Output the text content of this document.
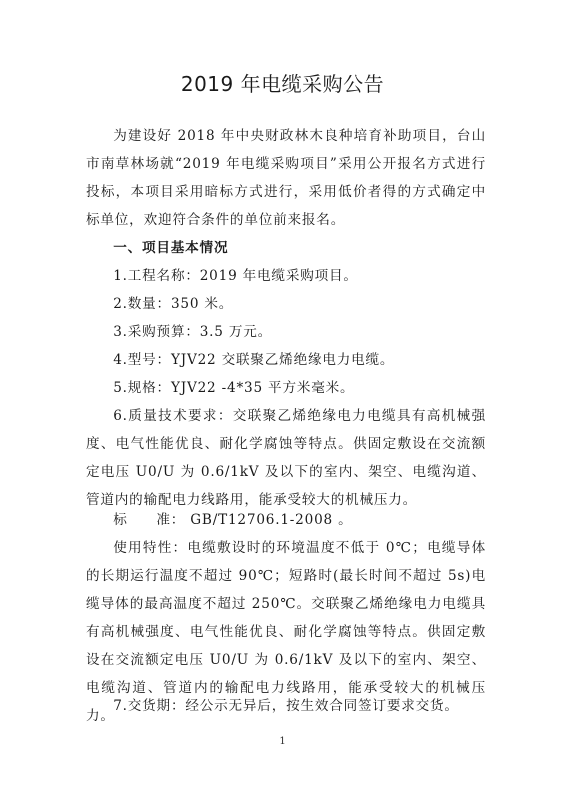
2019 年电缆采购公告

为建设好 2018 年中央财政林木良种培育补助项目，台山市南草林场就“2019 年电缆采购项目”采用公开报名方式进行投标，本项目采用暗标方式进行，采用低价者得的方式确定中标单位，欢迎符合条件的单位前来报名。

一、项目基本情况

1.工程名称：2019 年电缆采购项目。

2.数量：350 米。

3.采购预算：3.5 万元。

4.型号：YJV22 交联聚乙烯绝缘电力电缆。

5.规格：YJV22 -4*35 平方米毫米。

6.质量技术要求：交联聚乙烯绝缘电力电缆具有高机械强度、电气性能优良、耐化学腐蚀等特点。供固定敷设在交流额定电压 U0/U 为 0.6/1kV 及以下的室内、架空、电缆沟道、管道内的输配电力线路用，能承受较大的机械压力。

标　　准： GB/T12706.1-2008 。

使用特性：电缆敷设时的环境温度不低于 0℃；电缆导体的长期运行温度不超过 90℃；短路时(最长时间不超过 5s)电缆导体的最高温度不超过 250℃。交联聚乙烯绝缘电力电缆具有高机械强度、电气性能优良、耐化学腐蚀等特点。供固定敷设在交流额定电压 U0/U 为 0.6/1kV 及以下的室内、架空、电缆沟道、管道内的输配电力线路用，能承受较大的机械压力。

7.交货期：经公示无异后，按生效合同签订要求交货。

1
